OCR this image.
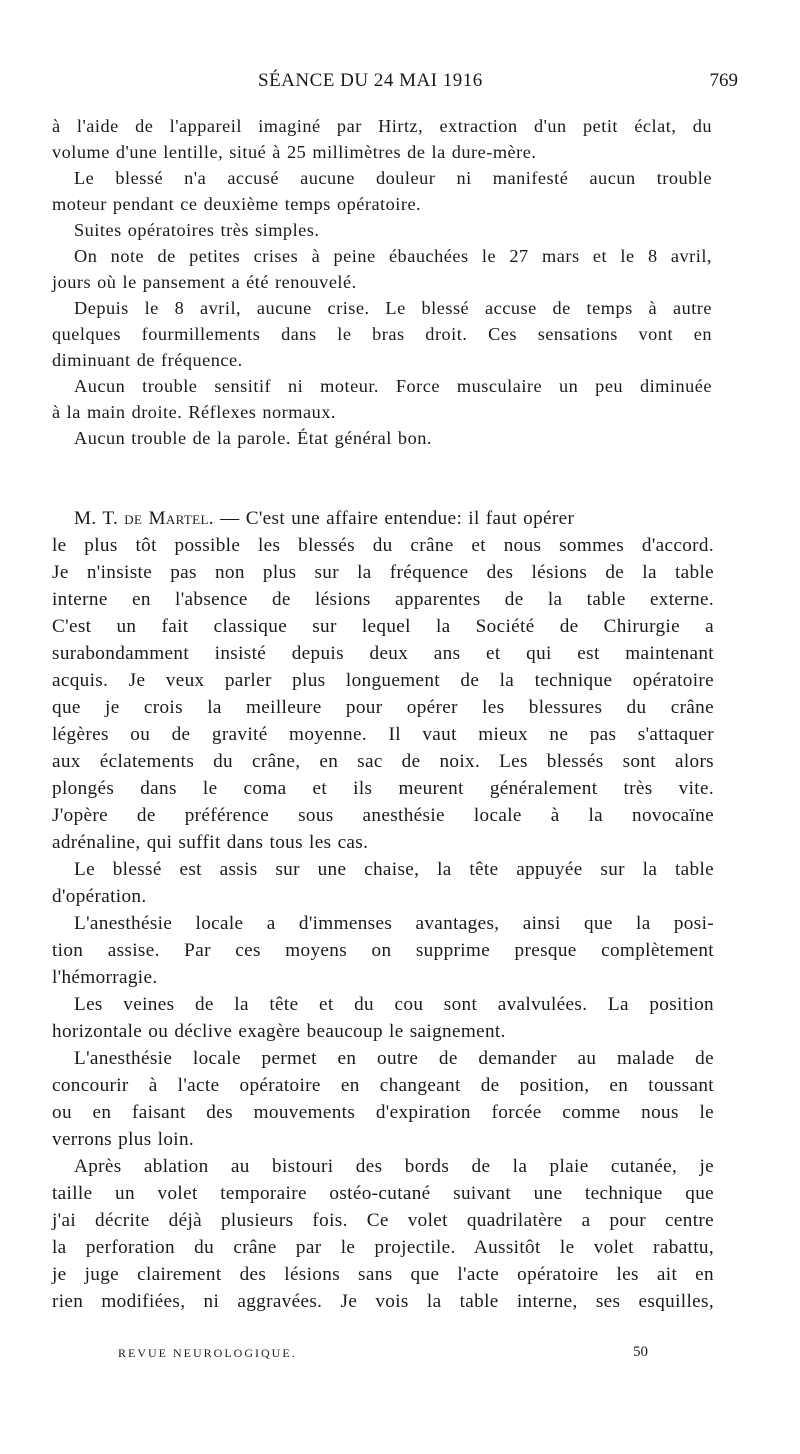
SÉANCE DU 24 MAI 1916	769
à l'aide de l'appareil imaginé par Hirtz, extraction d'un petit éclat, du
volume d'une lentille, situé à 25 millimètres de la dure-mère.
Le blessé n'a accusé aucune douleur ni manifesté aucun trouble
moteur pendant ce deuxième temps opératoire.
Suites opératoires très simples.
On note de petites crises à peine ébauchées le 27 mars et le 8 avril,
jours où le pansement a été renouvelé.
Depuis le 8 avril, aucune crise. Le blessé accuse de temps à autre
quelques fourmillements dans le bras droit. Ces sensations vont en
diminuant de fréquence.
Aucun trouble sensitif ni moteur. Force musculaire un peu diminuée
à la main droite. Réflexes normaux.
Aucun trouble de la parole. État général bon.
M. T. de Martel. — C'est une affaire entendue: il faut opérer
le plus tôt possible les blessés du crâne et nous sommes d'accord.
Je n'insiste pas non plus sur la fréquence des lésions de la table
interne en l'absence de lésions apparentes de la table externe.
C'est un fait classique sur lequel la Société de Chirurgie a
surabondamment insisté depuis deux ans et qui est maintenant
acquis. Je veux parler plus longuement de la technique opératoire
que je crois la meilleure pour opérer les blessures du crâne
légères ou de gravité moyenne. Il vaut mieux ne pas s'attaquer
aux éclatements du crâne, en sac de noix. Les blessés sont alors
plongés dans le coma et ils meurent généralement très vite.
J'opère de préférence sous anesthésie locale à la novocaïne
adrénaline, qui suffit dans tous les cas.
Le blessé est assis sur une chaise, la tête appuyée sur la table
d'opération.
L'anesthésie locale a d'immenses avantages, ainsi que la posi-
tion assise. Par ces moyens on supprime presque complètement
l'hémorragie.
Les veines de la tête et du cou sont avalvulées. La position
horizontale ou déclive exagère beaucoup le saignement.
L'anesthésie locale permet en outre de demander au malade de
concourir à l'acte opératoire en changeant de position, en toussant
ou en faisant des mouvements d'expiration forcée comme nous le
verrons plus loin.
Après ablation au bistouri des bords de la plaie cutanée, je
taille un volet temporaire ostéo-cutané suivant une technique que
j'ai décrite déjà plusieurs fois. Ce volet quadrilatère a pour centre
la perforation du crâne par le projectile. Aussitôt le volet rabattu,
je juge clairement des lésions sans que l'acte opératoire les ait en
rien modifiées, ni aggravées. Je vois la table interne, ses esquilles,
REVUE NEUROLOGIQUE.	50
